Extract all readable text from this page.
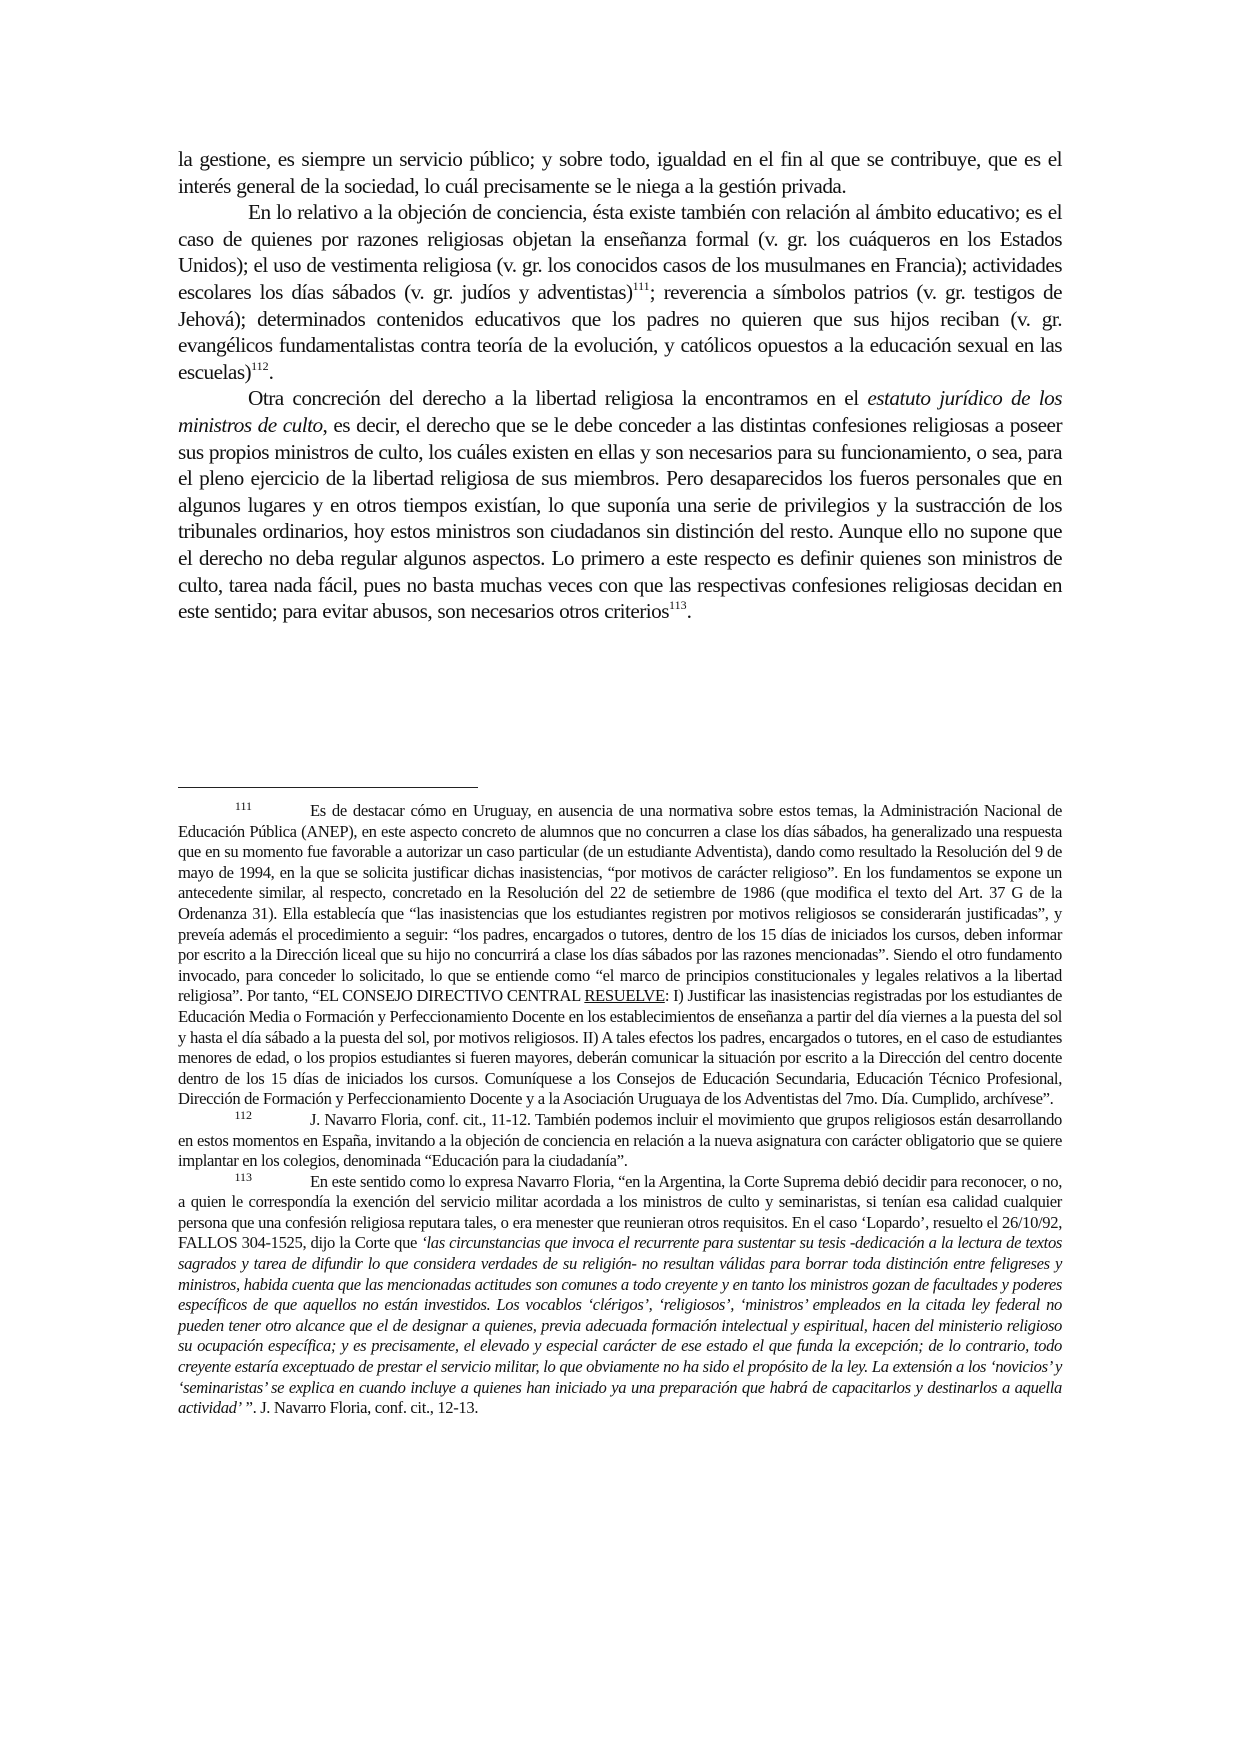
la gestione, es siempre un servicio público; y sobre todo, igualdad en el fin al que se contribuye, que es el interés general de la sociedad, lo cuál precisamente se le niega a la gestión privada.

En lo relativo a la objeción de conciencia, ésta existe también con relación al ámbito educativo; es el caso de quienes por razones religiosas objetan la enseñanza formal (v. gr. los cuáqueros en los Estados Unidos); el uso de vestimenta religiosa (v. gr. los conocidos casos de los musulmanes en Francia); actividades escolares los días sábados (v. gr. judíos y adventistas)$^{111}$; reverencia a símbolos patrios (v. gr. testigos de Jehová); determinados contenidos educativos que los padres no quieren que sus hijos reciban (v. gr. evangélicos fundamentalistas contra teoría de la evolución, y católicos opuestos a la educación sexual en las escuelas)$^{112}$.

Otra concreción del derecho a la libertad religiosa la encontramos en el estatuto jurídico de los ministros de culto, es decir, el derecho que se le debe conceder a las distintas confesiones religiosas a poseer sus propios ministros de culto, los cuáles existen en ellas y son necesarios para su funcionamiento, o sea, para el pleno ejercicio de la libertad religiosa de sus miembros. Pero desaparecidos los fueros personales que en algunos lugares y en otros tiempos existían, lo que suponía una serie de privilegios y la sustracción de los tribunales ordinarios, hoy estos ministros son ciudadanos sin distinción del resto. Aunque ello no supone que el derecho no deba regular algunos aspectos. Lo primero a este respecto es definir quienes son ministros de culto, tarea nada fácil, pues no basta muchas veces con que las respectivas confesiones religiosas decidan en este sentido; para evitar abusos, son necesarios otros criterios$^{113}$.

111	Es de destacar cómo en Uruguay, en ausencia de una normativa sobre estos temas, la Administración Nacional de Educación Pública (ANEP), en este aspecto concreto de alumnos que no concurren a clase los días sábados, ha generalizado una respuesta que en su momento fue favorable a autorizar un caso particular (de un estudiante Adventista), dando como resultado la Resolución del 9 de mayo de 1994, en la que se solicita justificar dichas inasistencias, “por motivos de carácter religioso”. En los fundamentos se expone un antecedente similar, al respecto, concretado en la Resolución del 22 de setiembre de 1986 (que modifica el texto del Art. 37 G de la Ordenanza 31). Ella establecía que “las inasistencias que los estudiantes registren por motivos religiosos se considerarán justificadas”, y preveía además el procedimiento a seguir: “los padres, encargados o tutores, dentro de los 15 días de iniciados los cursos, deben informar por escrito a la Dirección liceal que su hijo no concurrirá a clase los días sábados por las razones mencionadas”. Siendo el otro fundamento invocado, para conceder lo solicitado, lo que se entiende como “el marco de principios constitucionales y legales relativos a la libertad religiosa”. Por tanto, “EL CONSEJO DIRECTIVO CENTRAL RESUELVE: I) Justificar las inasistencias registradas por los estudiantes de Educación Media o Formación y Perfeccionamiento Docente en los establecimientos de enseñanza a partir del día viernes a la puesta del sol y hasta el día sábado a la puesta del sol, por motivos religiosos. II) A tales efectos los padres, encargados o tutores, en el caso de estudiantes menores de edad, o los propios estudiantes si fueren mayores, deberán comunicar la situación por escrito a la Dirección del centro docente dentro de los 15 días de iniciados los cursos. Comuníquese a los Consejos de Educación Secundaria, Educación Técnico Profesional, Dirección de Formación y Perfeccionamiento Docente y a la Asociación Uruguaya de los Adventistas del 7mo. Día. Cumplido, archívese”.

112	J. Navarro Floria, conf. cit., 11-12. También podemos incluir el movimiento que grupos religiosos están desarrollando en estos momentos en España, invitando a la objeción de conciencia en relación a la nueva asignatura con carácter obligatorio que se quiere implantar en los colegios, denominada “Educación para la ciudadanía”.

113	En este sentido como lo expresa Navarro Floria, “en la Argentina, la Corte Suprema debió decidir para reconocer, o no, a quien le correspondía la exención del servicio militar acordada a los ministros de culto y seminaristas, si tenían esa calidad cualquier persona que una confesión religiosa reputara tales, o era menester que reunieran otros requisitos. En el caso ‘Lopardo’, resuelto el 26/10/92, FALLOS 304-1525, dijo la Corte que ‘las circunstancias que invoca el recurrente para sustentar su tesis -dedicación a la lectura de textos sagrados y tarea de difundir lo que considera verdades de su religión- no resultan válidas para borrar toda distinción entre feligreses y ministros, habida cuenta que las mencionadas actitudes son comunes a todo creyente y en tanto los ministros gozan de facultades y poderes específicos de que aquellos no están investidos. Los vocablos ‘clérigos’, ‘religiosos’, ‘ministros’ empleados en la citada ley federal no pueden tener otro alcance que el de designar a quienes, previa adecuada formación intelectual y espiritual, hacen del ministerio religioso su ocupación específica; y es precisamente, el elevado y especial carácter de ese estado el que funda la excepción; de lo contrario, todo creyente estaría exceptuado de prestar el servicio militar, lo que obviamente no ha sido el propósito de la ley. La extensión a los ‘novicios’ y ‘seminaristas’ se explica en cuando incluye a quienes han iniciado ya una preparación que habrá de capacitarlos y destinarlos a aquella actividad’ ”. J. Navarro Floria, conf. cit., 12-13.
